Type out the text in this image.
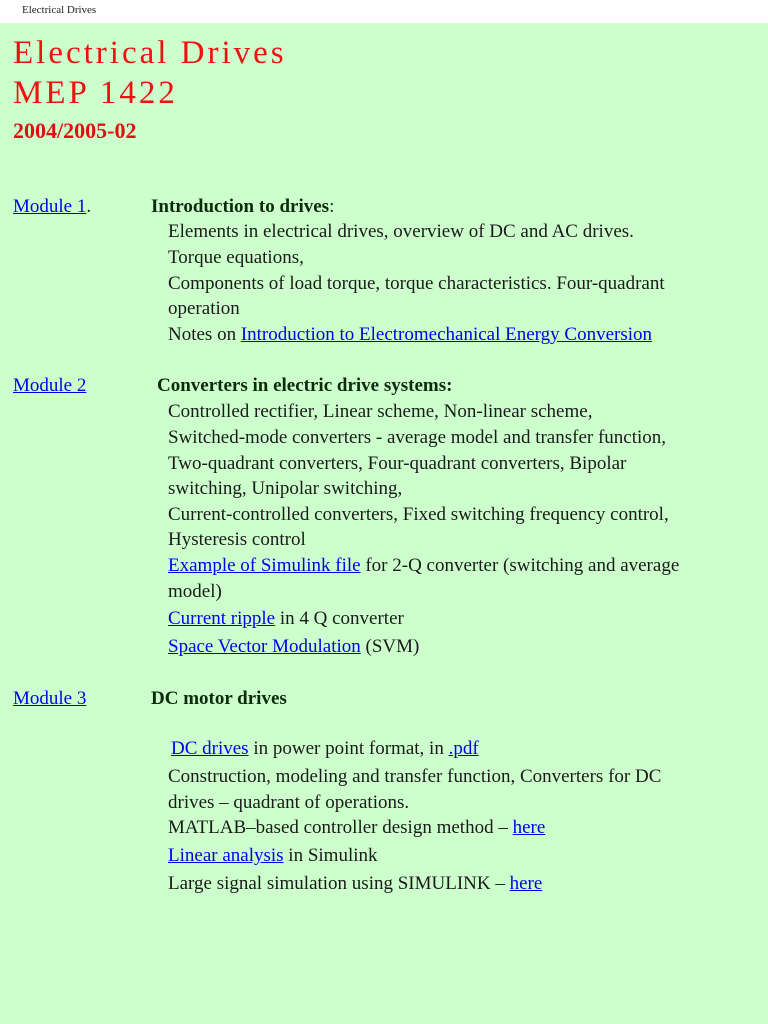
Electrical Drives
Electrical Drives
MEP 1422
2004/2005-02
Module 1.	Introduction to drives:
Elements in electrical drives, overview of DC and AC drives.
Torque equations,
Components of load torque, torque characteristics. Four-quadrant
operation
Notes on Introduction to Electromechanical Energy Conversion
Module 2	Converters in electric drive systems:
Controlled rectifier, Linear scheme, Non-linear scheme,
Switched-mode converters - average model and transfer function,
Two-quadrant converters, Four-quadrant converters, Bipolar
switching, Unipolar switching,
Current-controlled converters, Fixed switching frequency control,
Hysteresis control
Example of Simulink file for 2-Q converter (switching and average
model)
Current ripple in 4 Q converter
Space Vector Modulation (SVM)
Module 3	DC motor drives
DC drives in power point format, in .pdf
Construction, modeling and transfer function, Converters for DC
drives – quadrant of operations.
MATLAB–based controller design method – here
Linear analysis in Simulink
Large signal simulation using SIMULINK – here
